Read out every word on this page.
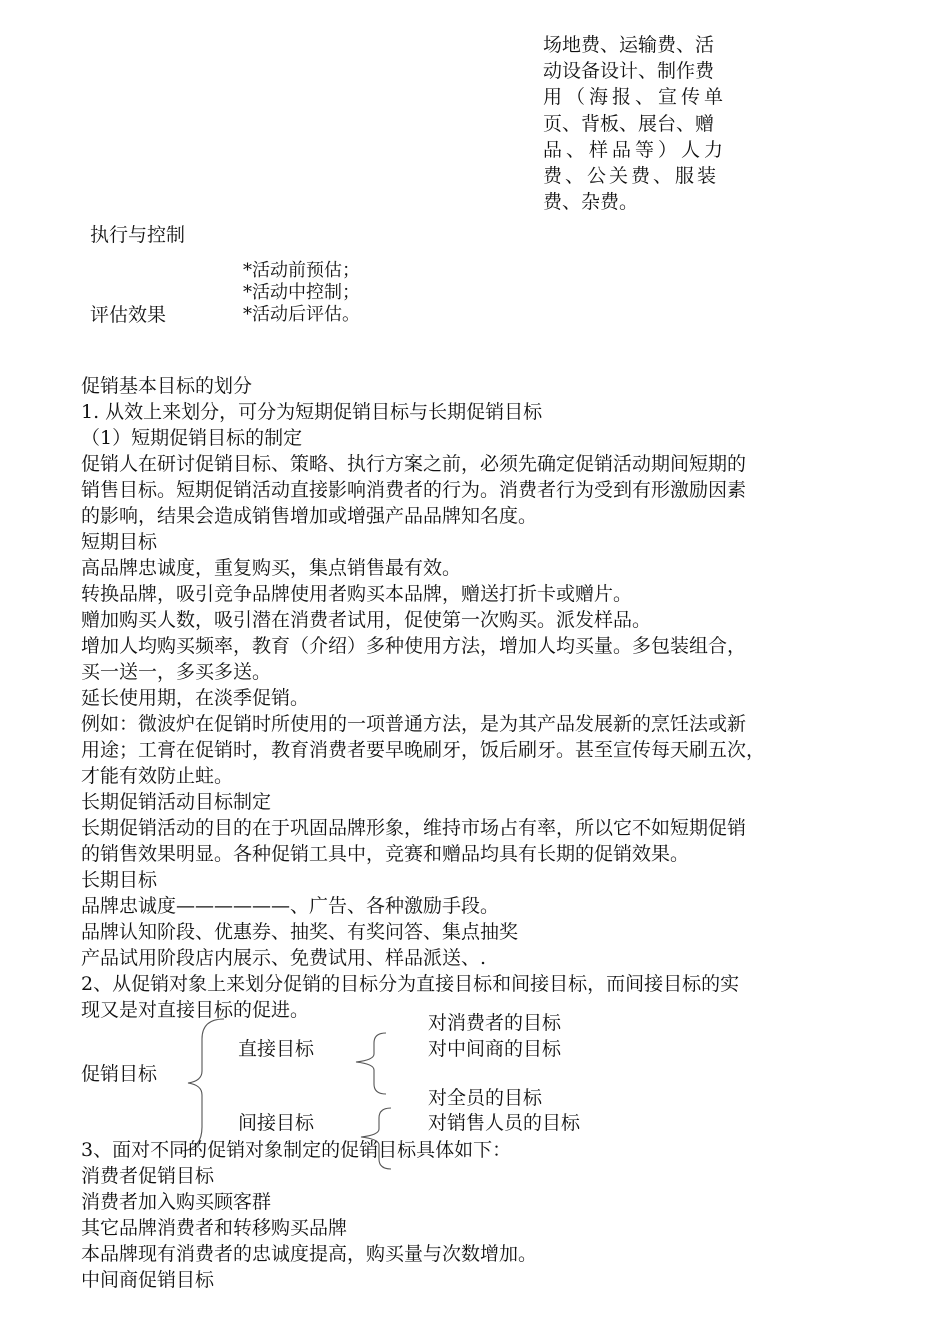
场地费、运输费、活
动设备设计、制作费
用（海报、宣传单
页、背板、展台、赠
品、样品等）人力
费、公关费、服装
费、杂费。
执行与控制
评估效果
*活动前预估；
*活动中控制；
*活动后评估。
促销基本目标的划分
1. 从效上来划分，可分为短期促销目标与长期促销目标
（1）短期促销目标的制定
促销人在研讨促销目标、策略、执行方案之前，必须先确定促销活动期间短期的
销售目标。短期促销活动直接影响消费者的行为。消费者行为受到有形激励因素
的影响，结果会造成销售增加或增强产品品牌知名度。
短期目标
高品牌忠诚度，重复购买，集点销售最有效。
转换品牌，吸引竞争品牌使用者购买本品牌，赠送打折卡或赠片。
赠加购买人数，吸引潜在消费者试用，促使第一次购买。派发样品。
增加人均购买频率，教育（介绍）多种使用方法，增加人均买量。多包装组合，
买一送一，多买多送。
延长使用期，在淡季促销。
例如：微波炉在促销时所使用的一项普通方法，是为其产品发展新的烹饪法或新
用途；工膏在促销时，教育消费者要早晚刷牙，饭后刷牙。甚至宣传每天刷五次，
才能有效防止蛀。
长期促销活动目标制定
长期促销活动的目的在于巩固品牌形象，维持市场占有率，所以它不如短期促销
的销售效果明显。各种促销工具中，竞赛和赠品均具有长期的促销效果。
长期目标
品牌忠诚度——————、广告、各种激励手段。
品牌认知阶段、优惠券、抽奖、有奖问答、集点抽奖
产品试用阶段店内展示、免费试用、样品派送、.
2、从促销对象上来划分促销的目标分为直接目标和间接目标，而间接目标的实
现又是对直接目标的促进。
促销目标
直接目标
间接目标
对消费者的目标
对中间商的目标
对全员的目标
对销售人员的目标
3、面对不同的促销对象制定的促销目标具体如下：
消费者促销目标
消费者加入购买顾客群
其它品牌消费者和转移购买品牌
本品牌现有消费者的忠诚度提高，购买量与次数增加。
中间商促销目标
